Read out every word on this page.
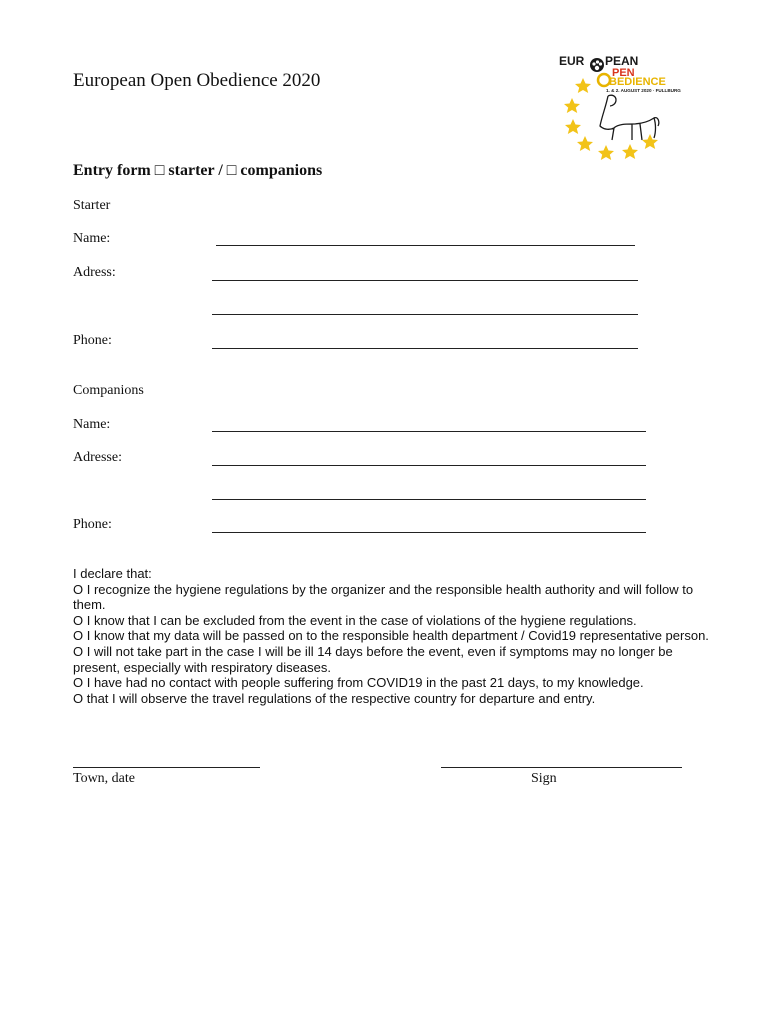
European Open Obedience 2020
EUR PEAN
PEN
BEDIENCE
1. & 2. AUGUST 2020 · FULLBURG
Entry form □ starter / □ companions
Starter
Name:
Adress:
Phone:
Companions
Name:
Adresse:
Phone:

I declare that:

O I recognize the hygiene regulations by the organizer and the responsible health authority and will follow to them.

O I know that I can be excluded from the event in the case of violations of the hygiene regulations.

O I know that my data will be passed on to the responsible health department / Covid19 representative person.

O I will not take part in the case I will be ill 14 days before the event, even if symptoms may no longer be present, especially with respiratory diseases.

O I have had no contact with people suffering from COVID19 in the past 21 days, to my knowledge.

O that I will observe the travel regulations of the respective country for departure and entry.

Town, date	Sign
